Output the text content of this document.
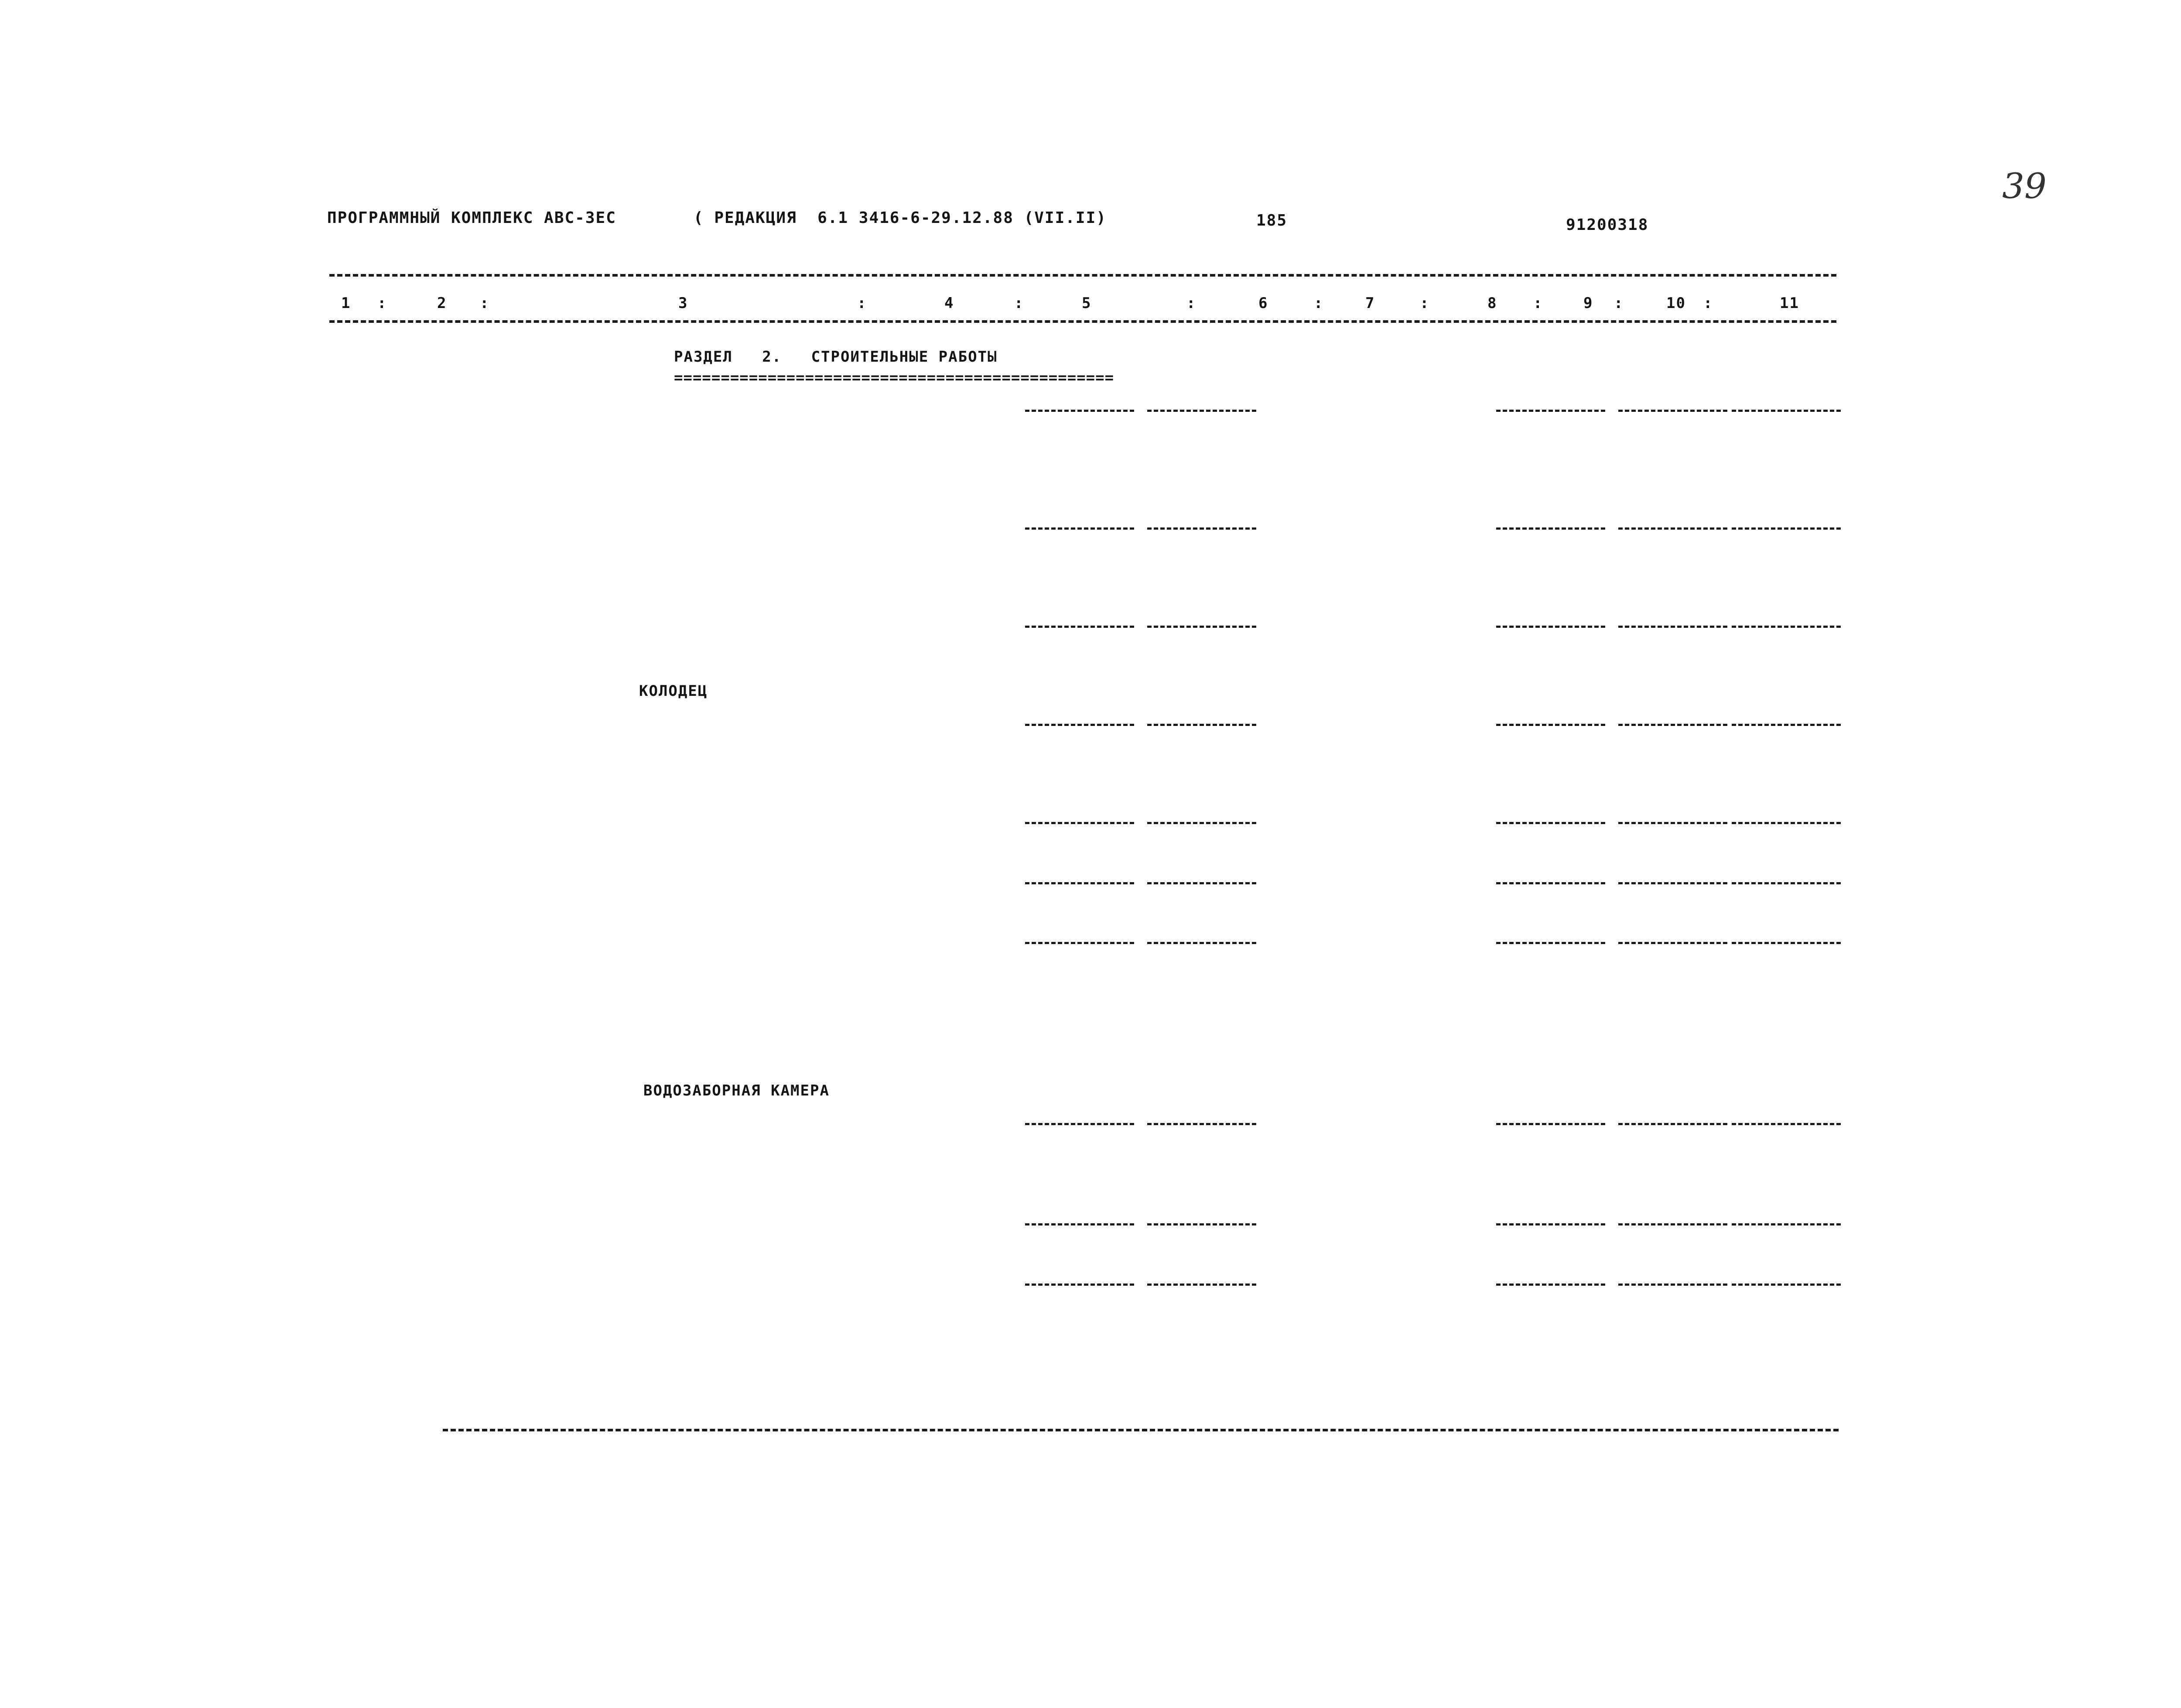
39
ПРОГРАММНЫЙ КОМПЛЕКС АВС-ЗЕС	( РЕДАКЦИЯ  6.1 3416-6-29.12.88 (VII.II)	185	91200318
1 :	2 :	3	:	4	:	5	:	6	:	7	:	8 :	9 :	10 :	11
РАЗДЕЛ   2.   СТРОИТЕЛЬНЫЕ РАБОТЫ
===============================================
КОЛОДЕЦ
ВОДОЗАБОРНАЯ КАМЕРА
